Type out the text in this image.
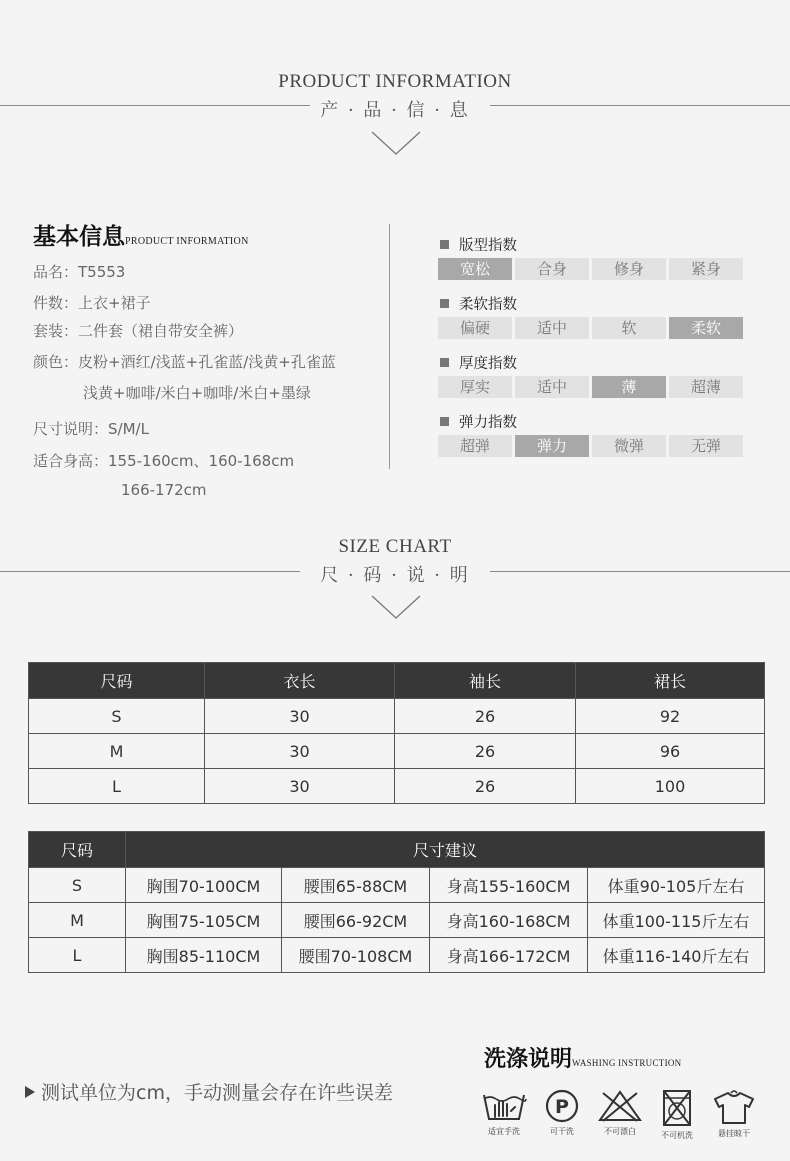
PRODUCT INFORMATION
产 · 品 · 信 · 息
基本信息PRODUCT INFORMATION
品名：T5553
件数：上衣+裙子
套装：二件套（裙自带安全裤）
颜色：皮粉+酒红/浅蓝+孔雀蓝/浅黄+孔雀蓝
浅黄+咖啡/米白+咖啡/米白+墨绿
尺寸说明：S/M/L
适合身高：155-160cm、160-168cm
166-172cm
版型指数
宽松	合身	修身	紧身
柔软指数
偏硬	适中	软	柔软
厚度指数
厚实	适中	薄	超薄
弹力指数
超弹	弹力	微弹	无弹
SIZE CHART
尺 · 码 · 说 · 明
尺码	衣长	袖长	裙长
S	30	26	92
M	30	26	96
L	30	26	100
尺码	尺寸建议			
S	胸围70-100CM	腰围65-88CM	身高155-160CM	体重90-105斤左右
M	胸围75-105CM	腰围66-92CM	身高160-168CM	体重100-115斤左右
L	胸围85-110CM	腰围70-108CM	身高166-172CM	体重116-140斤左右
测试单位为cm，手动测量会存在许些误差
洗涤说明WASHING INSTRUCTION
适宜手洗
P
可干洗	不可漂白	不可机洗	悬挂晾干
